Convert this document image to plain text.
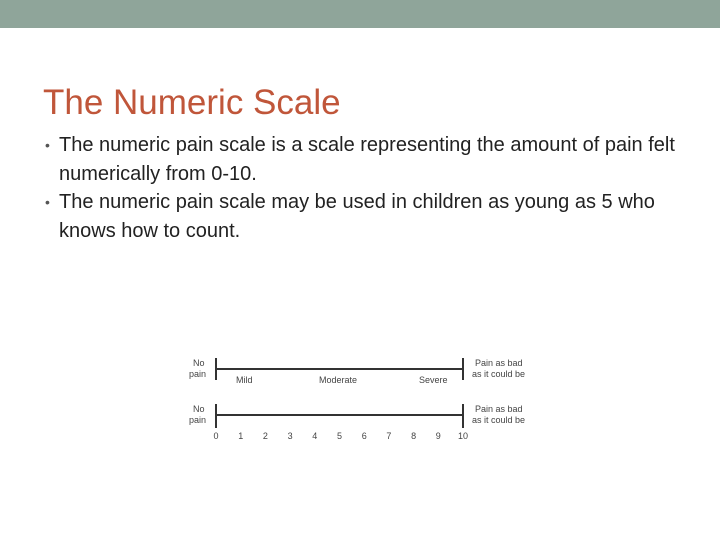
The Numeric Scale
• The numeric pain scale is a scale representing the amount of pain felt numerically from 0-10.
• The numeric pain scale may be used in children as young as 5 who knows how to count.
No
pain
Pain as bad
as it could be
Mild	Moderate	Severe
No
pain
Pain as bad
as it could be
0 1 2 3 4 5 6 7 8 9 10
